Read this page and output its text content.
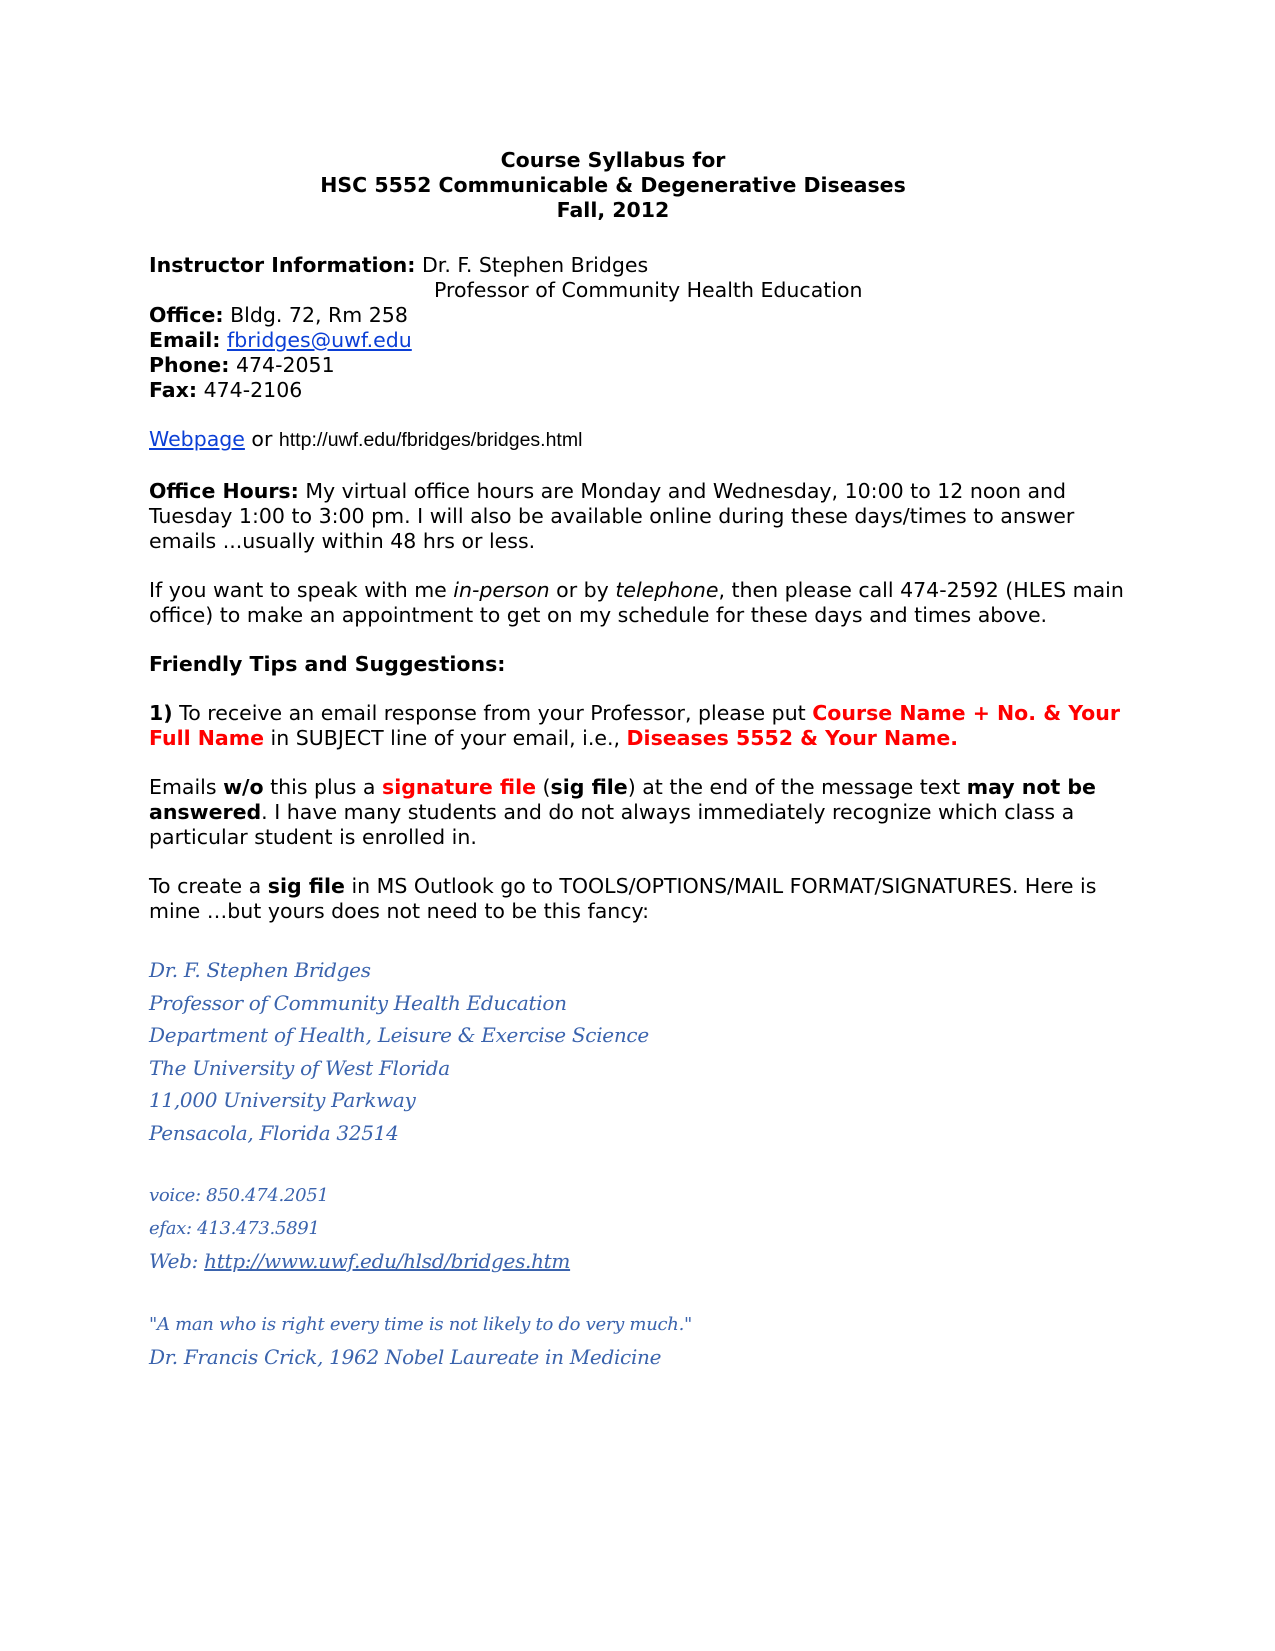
Course Syllabus for
HSC 5552 Communicable & Degenerative Diseases
Fall, 2012

Instructor Information: Dr. F. Stephen Bridges

Professor of Community Health Education

Office: Bldg. 72, Rm 258

Email: fbridges@uwf.edu

Phone: 474-2051

Fax: 474-2106

Webpage or http://uwf.edu/fbridges/bridges.html

Office Hours: My virtual office hours are Monday and Wednesday, 10:00 to 12 noon and Tuesday 1:00 to 3:00 pm. I will also be available online during these days/times to answer emails ...usually within 48 hrs or less.

If you want to speak with me in-person or by telephone, then please call 474-2592 (HLES main office) to make an appointment to get on my schedule for these days and times above.

Friendly Tips and Suggestions:

1) To receive an email response from your Professor, please put Course Name + No. & Your Full Name in SUBJECT line of your email, i.e., Diseases 5552 & Your Name.

Emails w/o this plus a signature file (sig file) at the end of the message text may not be answered. I have many students and do not always immediately recognize which class a particular student is enrolled in.

To create a sig file in MS Outlook go to TOOLS/OPTIONS/MAIL FORMAT/SIGNATURES. Here is mine …but yours does not need to be this fancy:

Dr. F. Stephen Bridges
Professor of Community Health Education
Department of Health, Leisure & Exercise Science
The University of West Florida
11,000 University Parkway
Pensacola, Florida 32514
voice: 850.474.2051
efax: 413.473.5891
Web: http://www.uwf.edu/hlsd/bridges.htm
"A man who is right every time is not likely to do very much."
Dr. Francis Crick, 1962 Nobel Laureate in Medicine
